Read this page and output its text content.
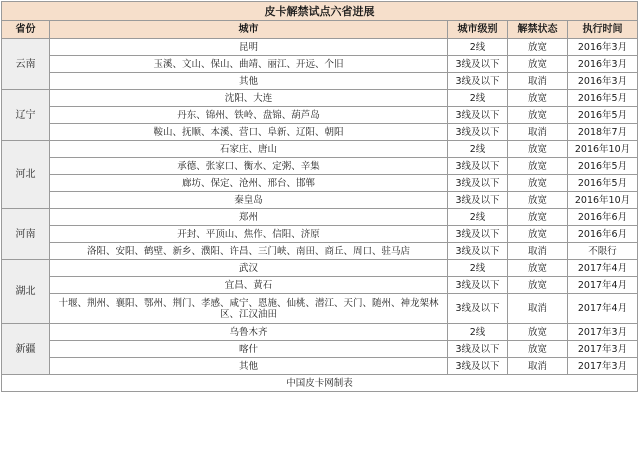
皮卡解禁试点六省进展				
省份	城市	城市级别	解禁状态	执行时间
云南	昆明	2线	放宽	2016年3月
	玉溪、文山、保山、曲靖、丽江、开远、个旧	3线及以下	放宽	2016年3月
	其他	3线及以下	取消	2016年3月
辽宁	沈阳、大连	2线	放宽	2016年5月
	丹东、锦州、铁岭、盘锦、葫芦岛	3线及以下	放宽	2016年5月
	鞍山、抚顺、本溪、营口、阜新、辽阳、朝阳	3线及以下	取消	2018年7月
河北	石家庄、唐山	2线	放宽	2016年10月
	承德、张家口、衡水、定粥、辛集	3线及以下	放宽	2016年5月
	廊坊、保定、沧州、邢台、邯郸	3线及以下	放宽	2016年5月
	秦皇岛	3线及以下	放宽	2016年10月
河南	郑州	2线	放宽	2016年6月
	开封、平顶山、焦作、信阳、济原	3线及以下	放宽	2016年6月
	洛阳、安阳、鹤壁、新乡、濮阳、许昌、三门峡、南田、商丘、周口、驻马店	3线及以下	取消	不限行
湖北	武汉	2线	放宽	2017年4月
	宜昌、黄石	3线及以下	放宽	2017年4月
	十堰、荆州、襄阳、鄂州、荆门、孝感、咸宁、恩施、仙桃、潜江、天门、随州、神龙架林区、江汉油田	3线及以下	取消	2017年4月
新疆	乌鲁木齐	2线	放宽	2017年3月
	喀什	3线及以下	放宽	2017年3月
	其他	3线及以下	取消	2017年3月
中国皮卡网制表				
